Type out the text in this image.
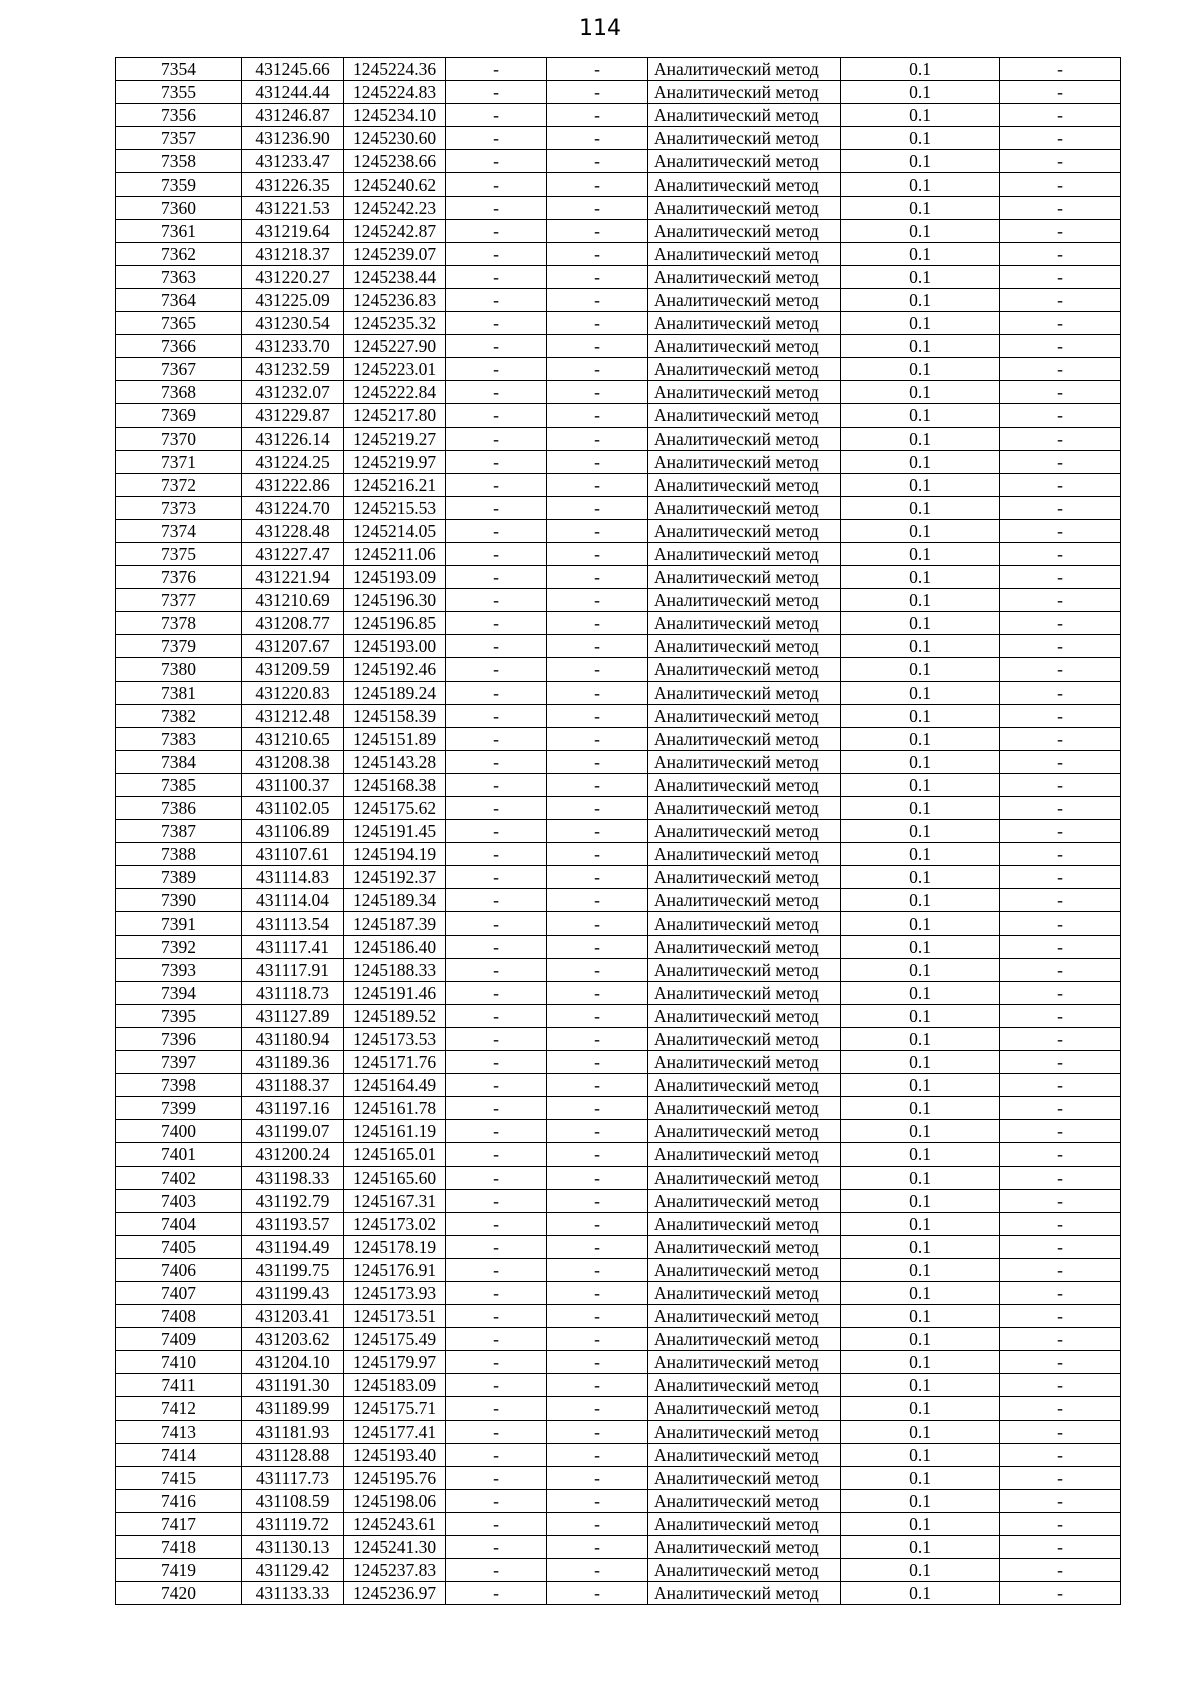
114
7354	431245.66	1245224.36	-	-	Аналитический метод	0.1	-
7355	431244.44	1245224.83	-	-	Аналитический метод	0.1	-
7356	431246.87	1245234.10	-	-	Аналитический метод	0.1	-
7357	431236.90	1245230.60	-	-	Аналитический метод	0.1	-
7358	431233.47	1245238.66	-	-	Аналитический метод	0.1	-
7359	431226.35	1245240.62	-	-	Аналитический метод	0.1	-
7360	431221.53	1245242.23	-	-	Аналитический метод	0.1	-
7361	431219.64	1245242.87	-	-	Аналитический метод	0.1	-
7362	431218.37	1245239.07	-	-	Аналитический метод	0.1	-
7363	431220.27	1245238.44	-	-	Аналитический метод	0.1	-
7364	431225.09	1245236.83	-	-	Аналитический метод	0.1	-
7365	431230.54	1245235.32	-	-	Аналитический метод	0.1	-
7366	431233.70	1245227.90	-	-	Аналитический метод	0.1	-
7367	431232.59	1245223.01	-	-	Аналитический метод	0.1	-
7368	431232.07	1245222.84	-	-	Аналитический метод	0.1	-
7369	431229.87	1245217.80	-	-	Аналитический метод	0.1	-
7370	431226.14	1245219.27	-	-	Аналитический метод	0.1	-
7371	431224.25	1245219.97	-	-	Аналитический метод	0.1	-
7372	431222.86	1245216.21	-	-	Аналитический метод	0.1	-
7373	431224.70	1245215.53	-	-	Аналитический метод	0.1	-
7374	431228.48	1245214.05	-	-	Аналитический метод	0.1	-
7375	431227.47	1245211.06	-	-	Аналитический метод	0.1	-
7376	431221.94	1245193.09	-	-	Аналитический метод	0.1	-
7377	431210.69	1245196.30	-	-	Аналитический метод	0.1	-
7378	431208.77	1245196.85	-	-	Аналитический метод	0.1	-
7379	431207.67	1245193.00	-	-	Аналитический метод	0.1	-
7380	431209.59	1245192.46	-	-	Аналитический метод	0.1	-
7381	431220.83	1245189.24	-	-	Аналитический метод	0.1	-
7382	431212.48	1245158.39	-	-	Аналитический метод	0.1	-
7383	431210.65	1245151.89	-	-	Аналитический метод	0.1	-
7384	431208.38	1245143.28	-	-	Аналитический метод	0.1	-
7385	431100.37	1245168.38	-	-	Аналитический метод	0.1	-
7386	431102.05	1245175.62	-	-	Аналитический метод	0.1	-
7387	431106.89	1245191.45	-	-	Аналитический метод	0.1	-
7388	431107.61	1245194.19	-	-	Аналитический метод	0.1	-
7389	431114.83	1245192.37	-	-	Аналитический метод	0.1	-
7390	431114.04	1245189.34	-	-	Аналитический метод	0.1	-
7391	431113.54	1245187.39	-	-	Аналитический метод	0.1	-
7392	431117.41	1245186.40	-	-	Аналитический метод	0.1	-
7393	431117.91	1245188.33	-	-	Аналитический метод	0.1	-
7394	431118.73	1245191.46	-	-	Аналитический метод	0.1	-
7395	431127.89	1245189.52	-	-	Аналитический метод	0.1	-
7396	431180.94	1245173.53	-	-	Аналитический метод	0.1	-
7397	431189.36	1245171.76	-	-	Аналитический метод	0.1	-
7398	431188.37	1245164.49	-	-	Аналитический метод	0.1	-
7399	431197.16	1245161.78	-	-	Аналитический метод	0.1	-
7400	431199.07	1245161.19	-	-	Аналитический метод	0.1	-
7401	431200.24	1245165.01	-	-	Аналитический метод	0.1	-
7402	431198.33	1245165.60	-	-	Аналитический метод	0.1	-
7403	431192.79	1245167.31	-	-	Аналитический метод	0.1	-
7404	431193.57	1245173.02	-	-	Аналитический метод	0.1	-
7405	431194.49	1245178.19	-	-	Аналитический метод	0.1	-
7406	431199.75	1245176.91	-	-	Аналитический метод	0.1	-
7407	431199.43	1245173.93	-	-	Аналитический метод	0.1	-
7408	431203.41	1245173.51	-	-	Аналитический метод	0.1	-
7409	431203.62	1245175.49	-	-	Аналитический метод	0.1	-
7410	431204.10	1245179.97	-	-	Аналитический метод	0.1	-
7411	431191.30	1245183.09	-	-	Аналитический метод	0.1	-
7412	431189.99	1245175.71	-	-	Аналитический метод	0.1	-
7413	431181.93	1245177.41	-	-	Аналитический метод	0.1	-
7414	431128.88	1245193.40	-	-	Аналитический метод	0.1	-
7415	431117.73	1245195.76	-	-	Аналитический метод	0.1	-
7416	431108.59	1245198.06	-	-	Аналитический метод	0.1	-
7417	431119.72	1245243.61	-	-	Аналитический метод	0.1	-
7418	431130.13	1245241.30	-	-	Аналитический метод	0.1	-
7419	431129.42	1245237.83	-	-	Аналитический метод	0.1	-
7420	431133.33	1245236.97	-	-	Аналитический метод	0.1	-
